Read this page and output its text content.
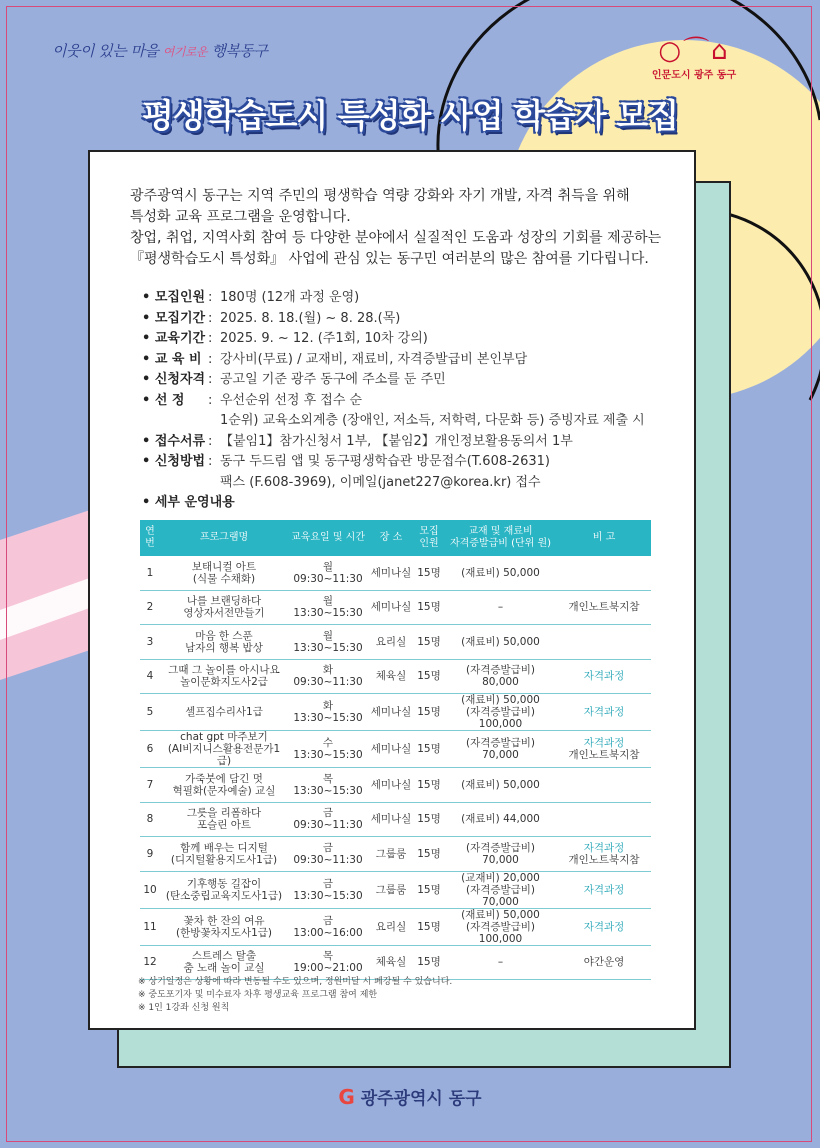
이웃이 있는 마을 여기로운 행복동구	○⌒⌂
인문도시 광주 동구
평생학습도시 특성화 사업 학습자 모집
광주광역시 동구는 지역 주민의 평생학습 역량 강화와 자기 개발, 자격 취득을 위해
특성화 교육 프로그램을 운영합니다.
창업, 취업, 지역사회 참여 등 다양한 분야에서 실질적인 도움과 성장의 기회를 제공하는
『평생학습도시 특성화』 사업에 관심 있는 동구민 여러분의 많은 참여를 기다립니다.
• 모집인원 : 180명 (12개 과정 운영)
• 모집기간 : 2025. 8. 18.(월) ~ 8. 28.(목)
• 교육기간 : 2025. 9. ~ 12. (주1회, 10차 강의)
• 교 육 비 : 강사비(무료) / 교재비, 재료비, 자격증발급비 본인부담
• 신청자격 : 공고일 기준 광주 동구에 주소를 둔 주민
• 선 정	: 우선순위 선정 후 접수 순
1순위) 교육소외계층 (장애인, 저소득, 저학력, 다문화 등) 증빙자료 제출 시
• 접수서류 : 【붙임1】참가신청서 1부, 【붙임2】개인정보활용동의서 1부
• 신청방법 : 동구 두드림 앱 및 동구평생학습관 방문접수(T.608-2631)
팩스 (F.608-3969), 이메일(janet227@korea.kr) 접수
• 세부 운영내용
연번	프로그램명	교육요일 및 시간	장 소	모집
인원	교재 및 재료비
자격증발급비 (단위 원)	비 고
1	보태니컬 아트
(식물 수채화)	월 09:30~11:30	세미나실	15명	(재료비) 50,000	
2	나를 브랜딩하다
영상자서전만들기	월 13:30~15:30	세미나실	15명	–	개인노트북지참
3	마음 한 스푼
남자의 행복 밥상	월 13:30~15:30	요리실	15명	(재료비) 50,000	
4	그때 그 놀이를 아시나요
놀이문화지도사2급	화 09:30~11:30	체육실	15명	(자격증발급비) 80,000	자격과정
5	셀프집수리사1급	화 13:30~15:30	세미나실	15명	(재료비) 50,000
(자격증발급비) 100,000	자격과정
6	chat gpt 마주보기
(AI비지니스활용전문가1급)	수 13:30~15:30	세미나실	15명	(자격증발급비) 70,000	자격과정
개인노트북지참
7	가죽붓에 담긴 멋
혁필화(문자예술) 교실	목 13:30~15:30	세미나실	15명	(재료비) 50,000	
8	그릇을 리폼하다
포슬린 아트	금 09:30~11:30	세미나실	15명	(재료비) 44,000	
9	함께 배우는 디지털
(디지털활용지도사1급)	금 09:30~11:30	그룹룸	15명	(자격증발급비) 70,000	자격과정
개인노트북지참
10	기후행동 길잡이
(탄소중립교육지도사1급)	금 13:30~15:30	그룹룸	15명	(교재비) 20,000
(자격증발급비) 70,000	자격과정
11	꽃차 한 잔의 여유
(한방꽃차지도사1급)	금 13:00~16:00	요리실	15명	(재료비) 50,000
(자격증발급비) 100,000	자격과정
12	스트레스 탈출
춤 노래 놀이 교실	목 19:00~21:00	체육실	15명	–	야간운영
※ 상기일정은 상황에 따라 변동될 수도 있으며, 정원미달 시 폐강될 수 있습니다.
※ 중도포기자 및 미수료자 차후 평생교육 프로그램 참여 제한
※ 1인 1강좌 신청 원칙
G 광주광역시 동구
